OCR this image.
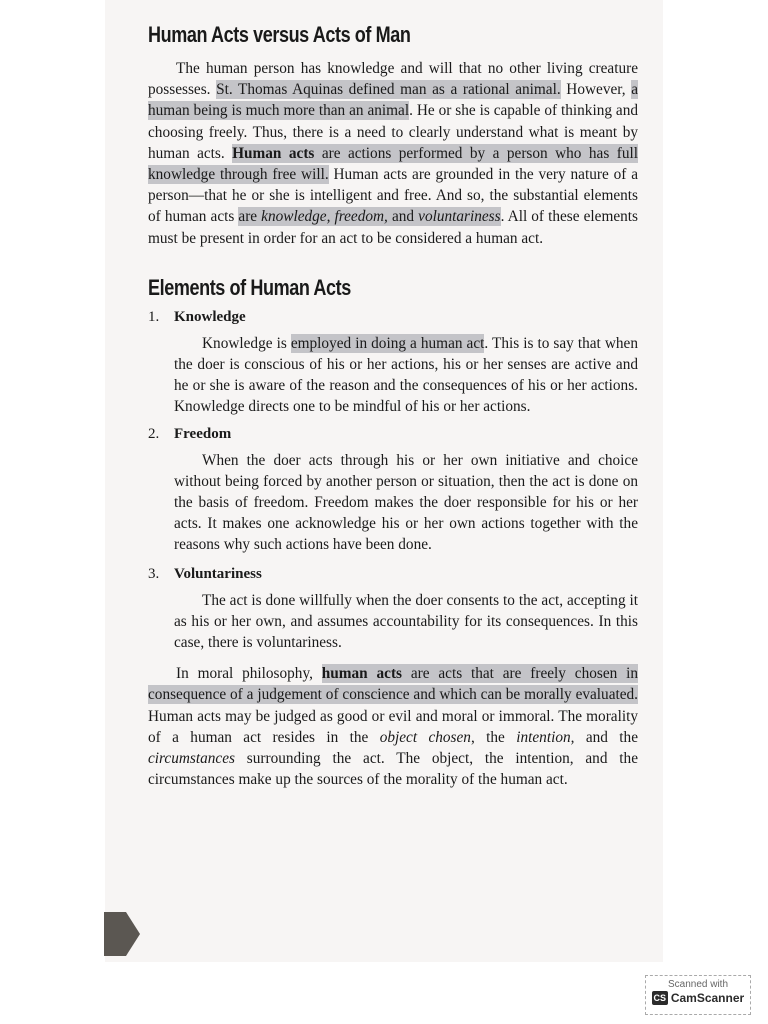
Human Acts versus Acts of Man

The human person has knowledge and will that no other living creature possesses. St. Thomas Aquinas defined man as a rational animal. However, a human being is much more than an animal. He or she is capable of thinking and choosing freely. Thus, there is a need to clearly understand what is meant by human acts. Human acts are actions performed by a person who has full knowledge through free will. Human acts are grounded in the very nature of a person—that he or she is intelligent and free. And so, the substantial elements of human acts are knowledge, freedom, and voluntariness. All of these elements must be present in order for an act to be considered a human act.

Elements of Human Acts
1. Knowledge

Knowledge is employed in doing a human act. This is to say that when the doer is conscious of his or her actions, his or her senses are active and he or she is aware of the reason and the consequences of his or her actions. Knowledge directs one to be mindful of his or her actions.

2. Freedom

When the doer acts through his or her own initiative and choice without being forced by another person or situation, then the act is done on the basis of freedom. Freedom makes the doer responsible for his or her acts. It makes one acknowledge his or her own actions together with the reasons why such actions have been done.

3. Voluntariness

The act is done willfully when the doer consents to the act, accepting it as his or her own, and assumes accountability for its consequences. In this case, there is voluntariness.

In moral philosophy, human acts are acts that are freely chosen in consequence of a judgement of conscience and which can be morally evaluated. Human acts may be judged as good or evil and moral or immoral. The morality of a human act resides in the object chosen, the intention, and the circumstances surrounding the act. The object, the intention, and the circumstances make up the sources of the morality of the human act.

Scanned with
CS CamScanner
